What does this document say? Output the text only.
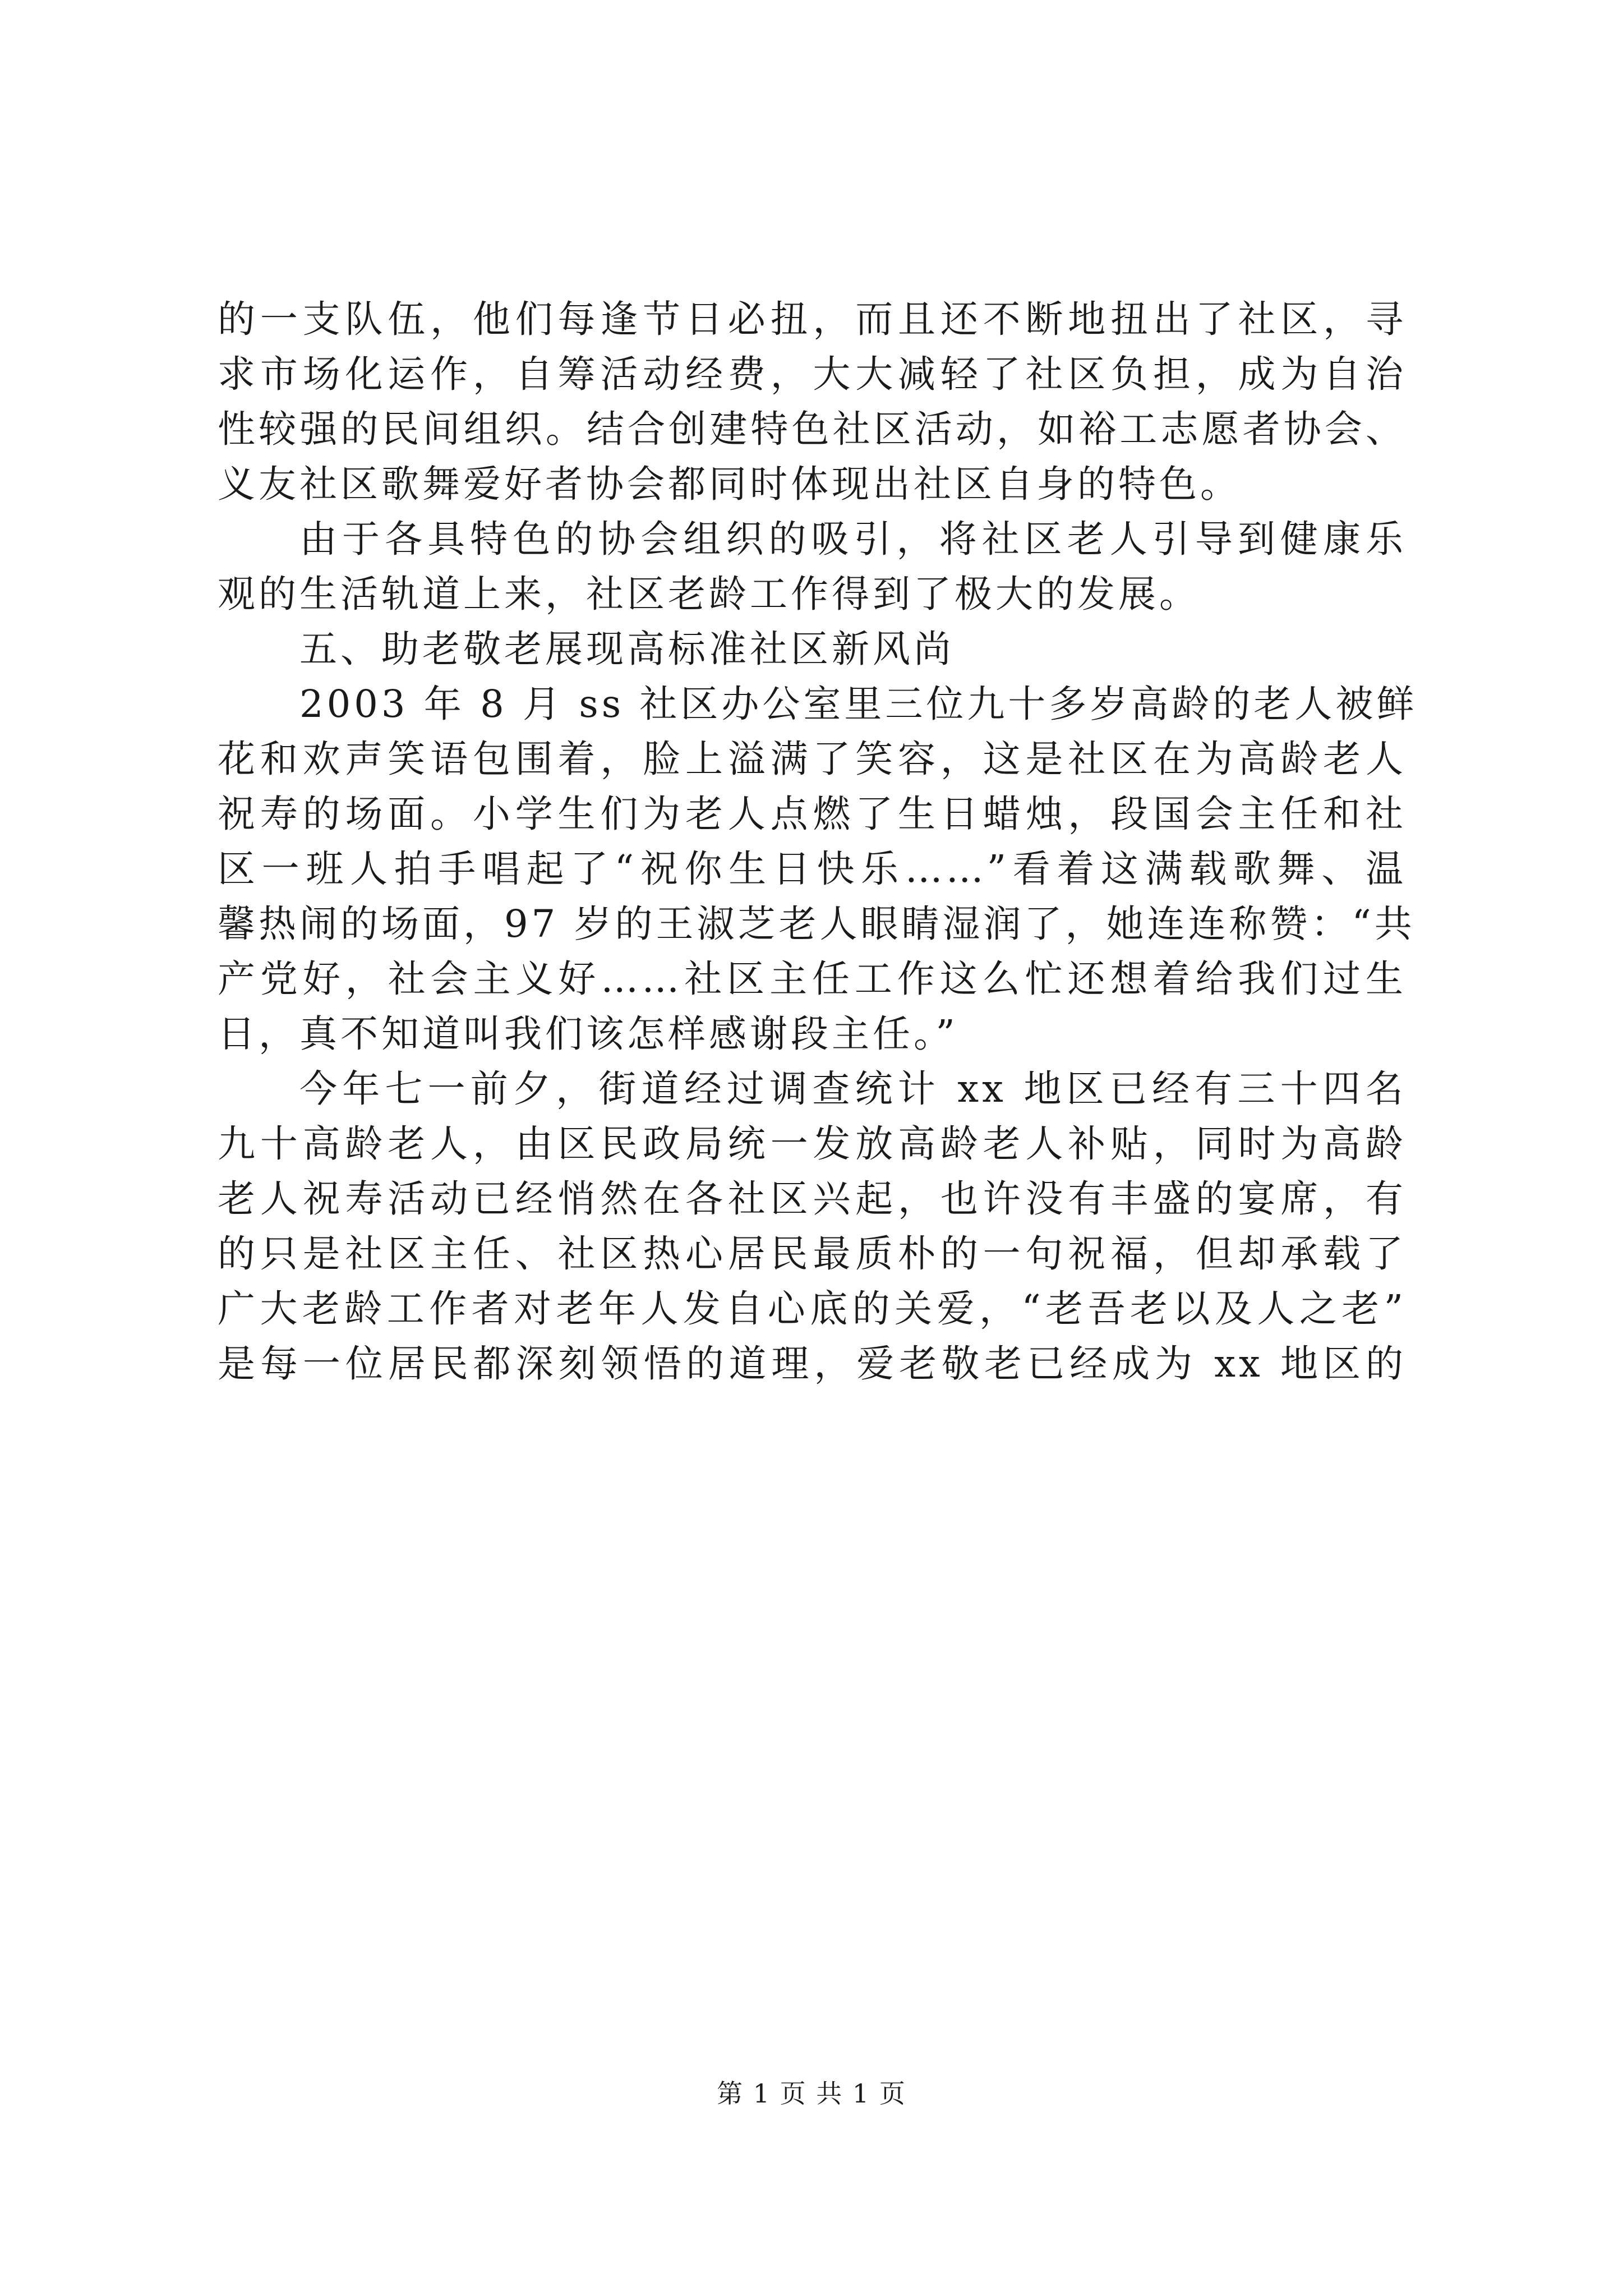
的一支队伍，他们每逢节日必扭，而且还不断地扭出了社区，寻
求市场化运作，自筹活动经费，大大减轻了社区负担，成为自治
性较强的民间组织。结合创建特色社区活动，如裕工志愿者协会、
义友社区歌舞爱好者协会都同时体现出社区自身的特色。
由于各具特色的协会组织的吸引，将社区老人引导到健康乐
观的生活轨道上来，社区老龄工作得到了极大的发展。
五、助老敬老展现高标准社区新风尚
2003 年 8 月 ss 社区办公室里三位九十多岁高龄的老人被鲜
花和欢声笑语包围着，脸上溢满了笑容，这是社区在为高龄老人
祝寿的场面。小学生们为老人点燃了生日蜡烛，段国会主任和社
区一班人拍手唱起了“祝你生日快乐……”看着这满载歌舞、温
馨热闹的场面，97 岁的王淑芝老人眼睛湿润了，她连连称赞：“共
产党好，社会主义好……社区主任工作这么忙还想着给我们过生
日，真不知道叫我们该怎样感谢段主任。”
今年七一前夕，街道经过调查统计 xx 地区已经有三十四名
九十高龄老人，由区民政局统一发放高龄老人补贴，同时为高龄
老人祝寿活动已经悄然在各社区兴起，也许没有丰盛的宴席，有
的只是社区主任、社区热心居民最质朴的一句祝福，但却承载了
广大老龄工作者对老年人发自心底的关爱，“老吾老以及人之老”
是每一位居民都深刻领悟的道理，爱老敬老已经成为 xx 地区的
第 1 页 共 1 页
